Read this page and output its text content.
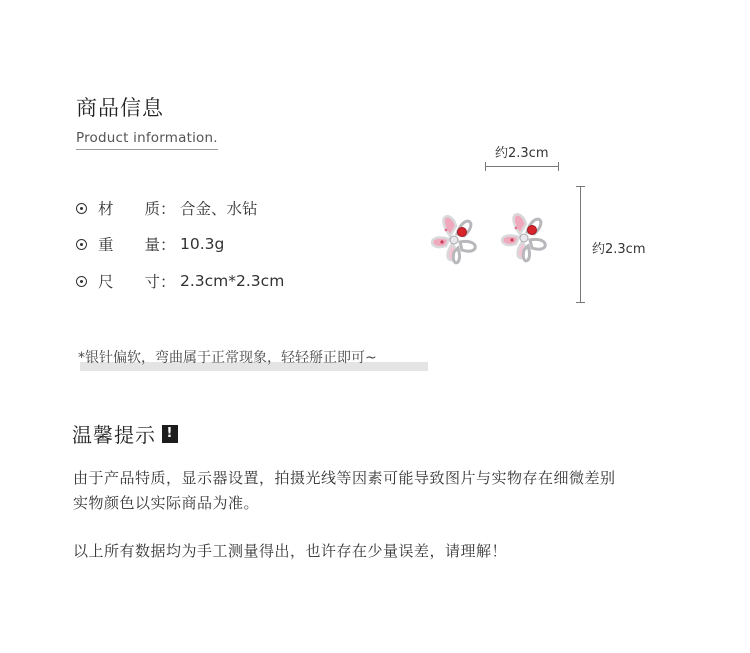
商品信息
Product information.
材　　质： 合金、水钻
重　　量： 10.3g
尺　　寸： 2.3cm*2.3cm
*银针偏软，弯曲属于正常现象，轻轻掰正即可~
约2.3cm
约2.3cm
温馨提示 !
由于产品特质，显示器设置，拍摄光线等因素可能导致图片与实物存在细微差别
实物颜色以实际商品为准。
以上所有数据均为手工测量得出，也许存在少量误差，请理解！
